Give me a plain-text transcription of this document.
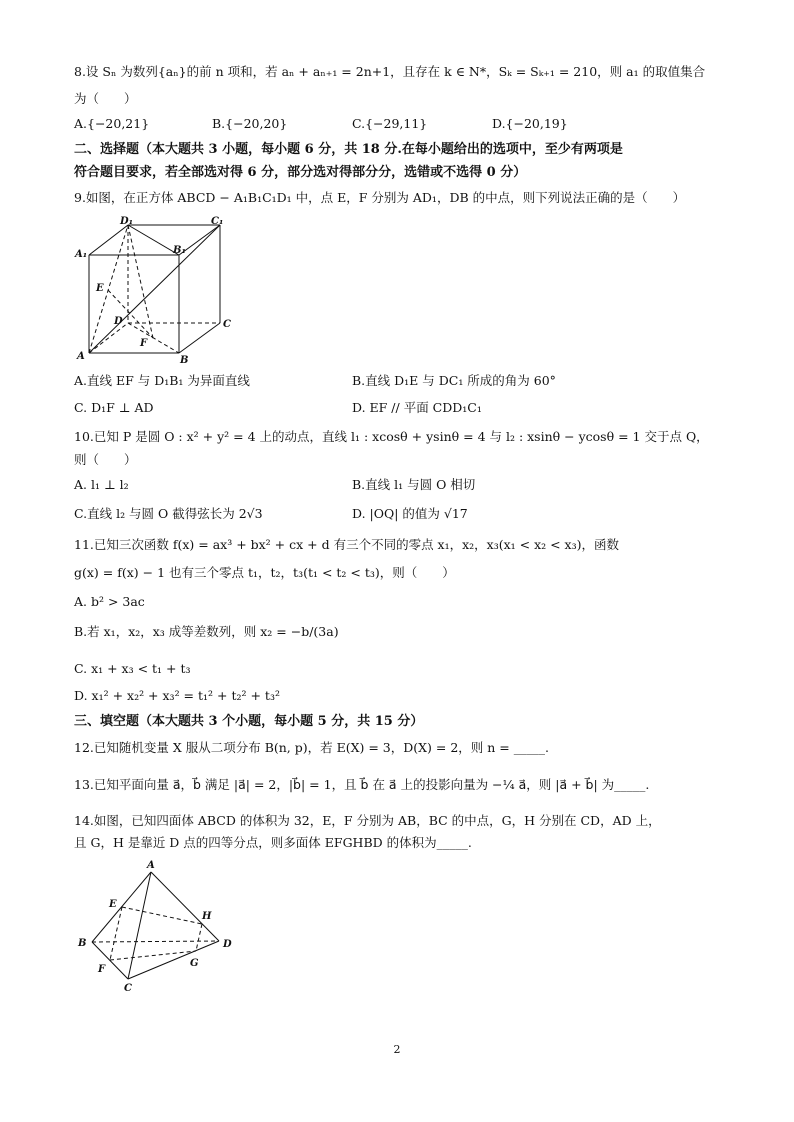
8.设 Sₙ 为数列{aₙ}的前 n 项和，若 aₙ + aₙ₊₁ = 2n+1，且存在 k ∈ N*，Sₖ = Sₖ₊₁ = 210，则 a₁ 的取值集合
为（　　）
A.{−20,21}	B.{−20,20}	C.{−29,11}	D.{−20,19}
二、选择题（本大题共 3 小题，每小题 6 分，共 18 分.在每小题给出的选项中，至少有两项是
符合题目要求，若全部选对得 6 分，部分选对得部分分，选错或不选得 0 分）
9.如图，在正方体 ABCD − A₁B₁C₁D₁ 中，点 E，F 分别为 AD₁，DB 的中点，则下列说法正确的是（　　）
D₁	C₁
A₁	B₁
E
D	C
F
A	B
A.直线 EF 与 D₁B₁ 为异面直线	B.直线 D₁E 与 DC₁ 所成的角为 60°
C. D₁F ⊥ AD	D. EF // 平面 CDD₁C₁
10.已知 P 是圆 O : x² + y² = 4 上的动点，直线 l₁ : xcosθ + ysinθ = 4 与 l₂ : xsinθ − ycosθ = 1 交于点 Q，
则（　　）
A. l₁ ⊥ l₂	B.直线 l₁ 与圆 O 相切
C.直线 l₂ 与圆 O 截得弦长为 2√3	D. |OQ| 的值为 √17
11.已知三次函数 f(x) = ax³ + bx² + cx + d 有三个不同的零点 x₁，x₂，x₃(x₁ < x₂ < x₃)，函数
g(x) = f(x) − 1 也有三个零点 t₁，t₂，t₃(t₁ < t₂ < t₃)，则（　　）
A. b² > 3ac
B.若 x₁，x₂，x₃ 成等差数列，则 x₂ = −b/(3a)
C. x₁ + x₃ < t₁ + t₃
D. x₁² + x₂² + x₃² = t₁² + t₂² + t₃²
三、填空题（本大题共 3 个小题，每小题 5 分，共 15 分）
12.已知随机变量 X 服从二项分布 B(n, p)，若 E(X) = 3，D(X) = 2，则 n = _____.
13.已知平面向量 a⃗，b⃗ 满足 |a⃗| = 2，|b⃗| = 1，且 b⃗ 在 a⃗ 上的投影向量为 −¼ a⃗，则 |a⃗ + b⃗| 为_____.
14.如图，已知四面体 ABCD 的体积为 32，E，F 分别为 AB，BC 的中点，G，H 分别在 CD，AD 上，
且 G，H 是靠近 D 点的四等分点，则多面体 EFGHBD 的体积为_____.
A
E
H
B	D
G
F
C
2
